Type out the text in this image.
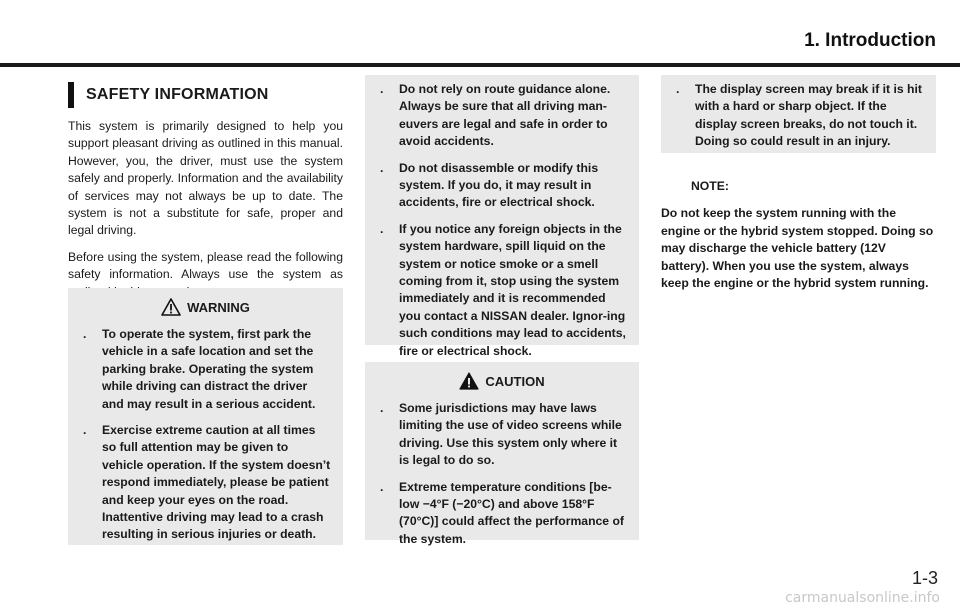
1. Introduction
SAFETY INFORMATION

This system is primarily designed to help you support pleasant driving as outlined in this manual. However, you, the driver, must use the system safely and properly. Information and the availability of services may not always be up to date. The system is not a substitute for safe, proper and legal driving.

Before using the system, please read the following safety information. Always use the system as

WARNING
. To operate the system, first park the vehicle in a safe location and set the parking brake. Operating the system while driving can distract the driver and may result in a serious accident.
. Exercise extreme caution at all times so full attention may be given to vehicle operation. If the system doesn’t respond immediately, please be patient and keep your eyes on the road. Inattentive driving may lead to a crash resulting in serious injuries or death.
. Do not rely on route guidance alone. Always be sure that all driving man-euvers are legal and safe in order to avoid accidents.
. Do not disassemble or modify this system. If you do, it may result in accidents, fire or electrical shock.
. If you notice any foreign objects in the system hardware, spill liquid on the system or notice smoke or a smell coming from it, stop using the system immediately and it is recommended you contact a NISSAN dealer. Ignor-ing such conditions may lead to accidents, fire or electrical shock.
CAUTION
. Some jurisdictions may have laws limiting the use of video screens while driving. Use this system only where it is legal to do so.
. Extreme temperature conditions [be-low −4°F (−20°C) and above 158°F (70°C)] could affect the performance of the system.
. The display screen may break if it is hit with a hard or sharp object. If the display screen breaks, do not touch it. Doing so could result in an injury.
NOTE:
Do not keep the system running with the engine or the hybrid system stopped. Doing so may discharge the vehicle battery (12V battery). When you use the system, always keep the engine or the hybrid system running.
1-3
carmanualsonline.info
